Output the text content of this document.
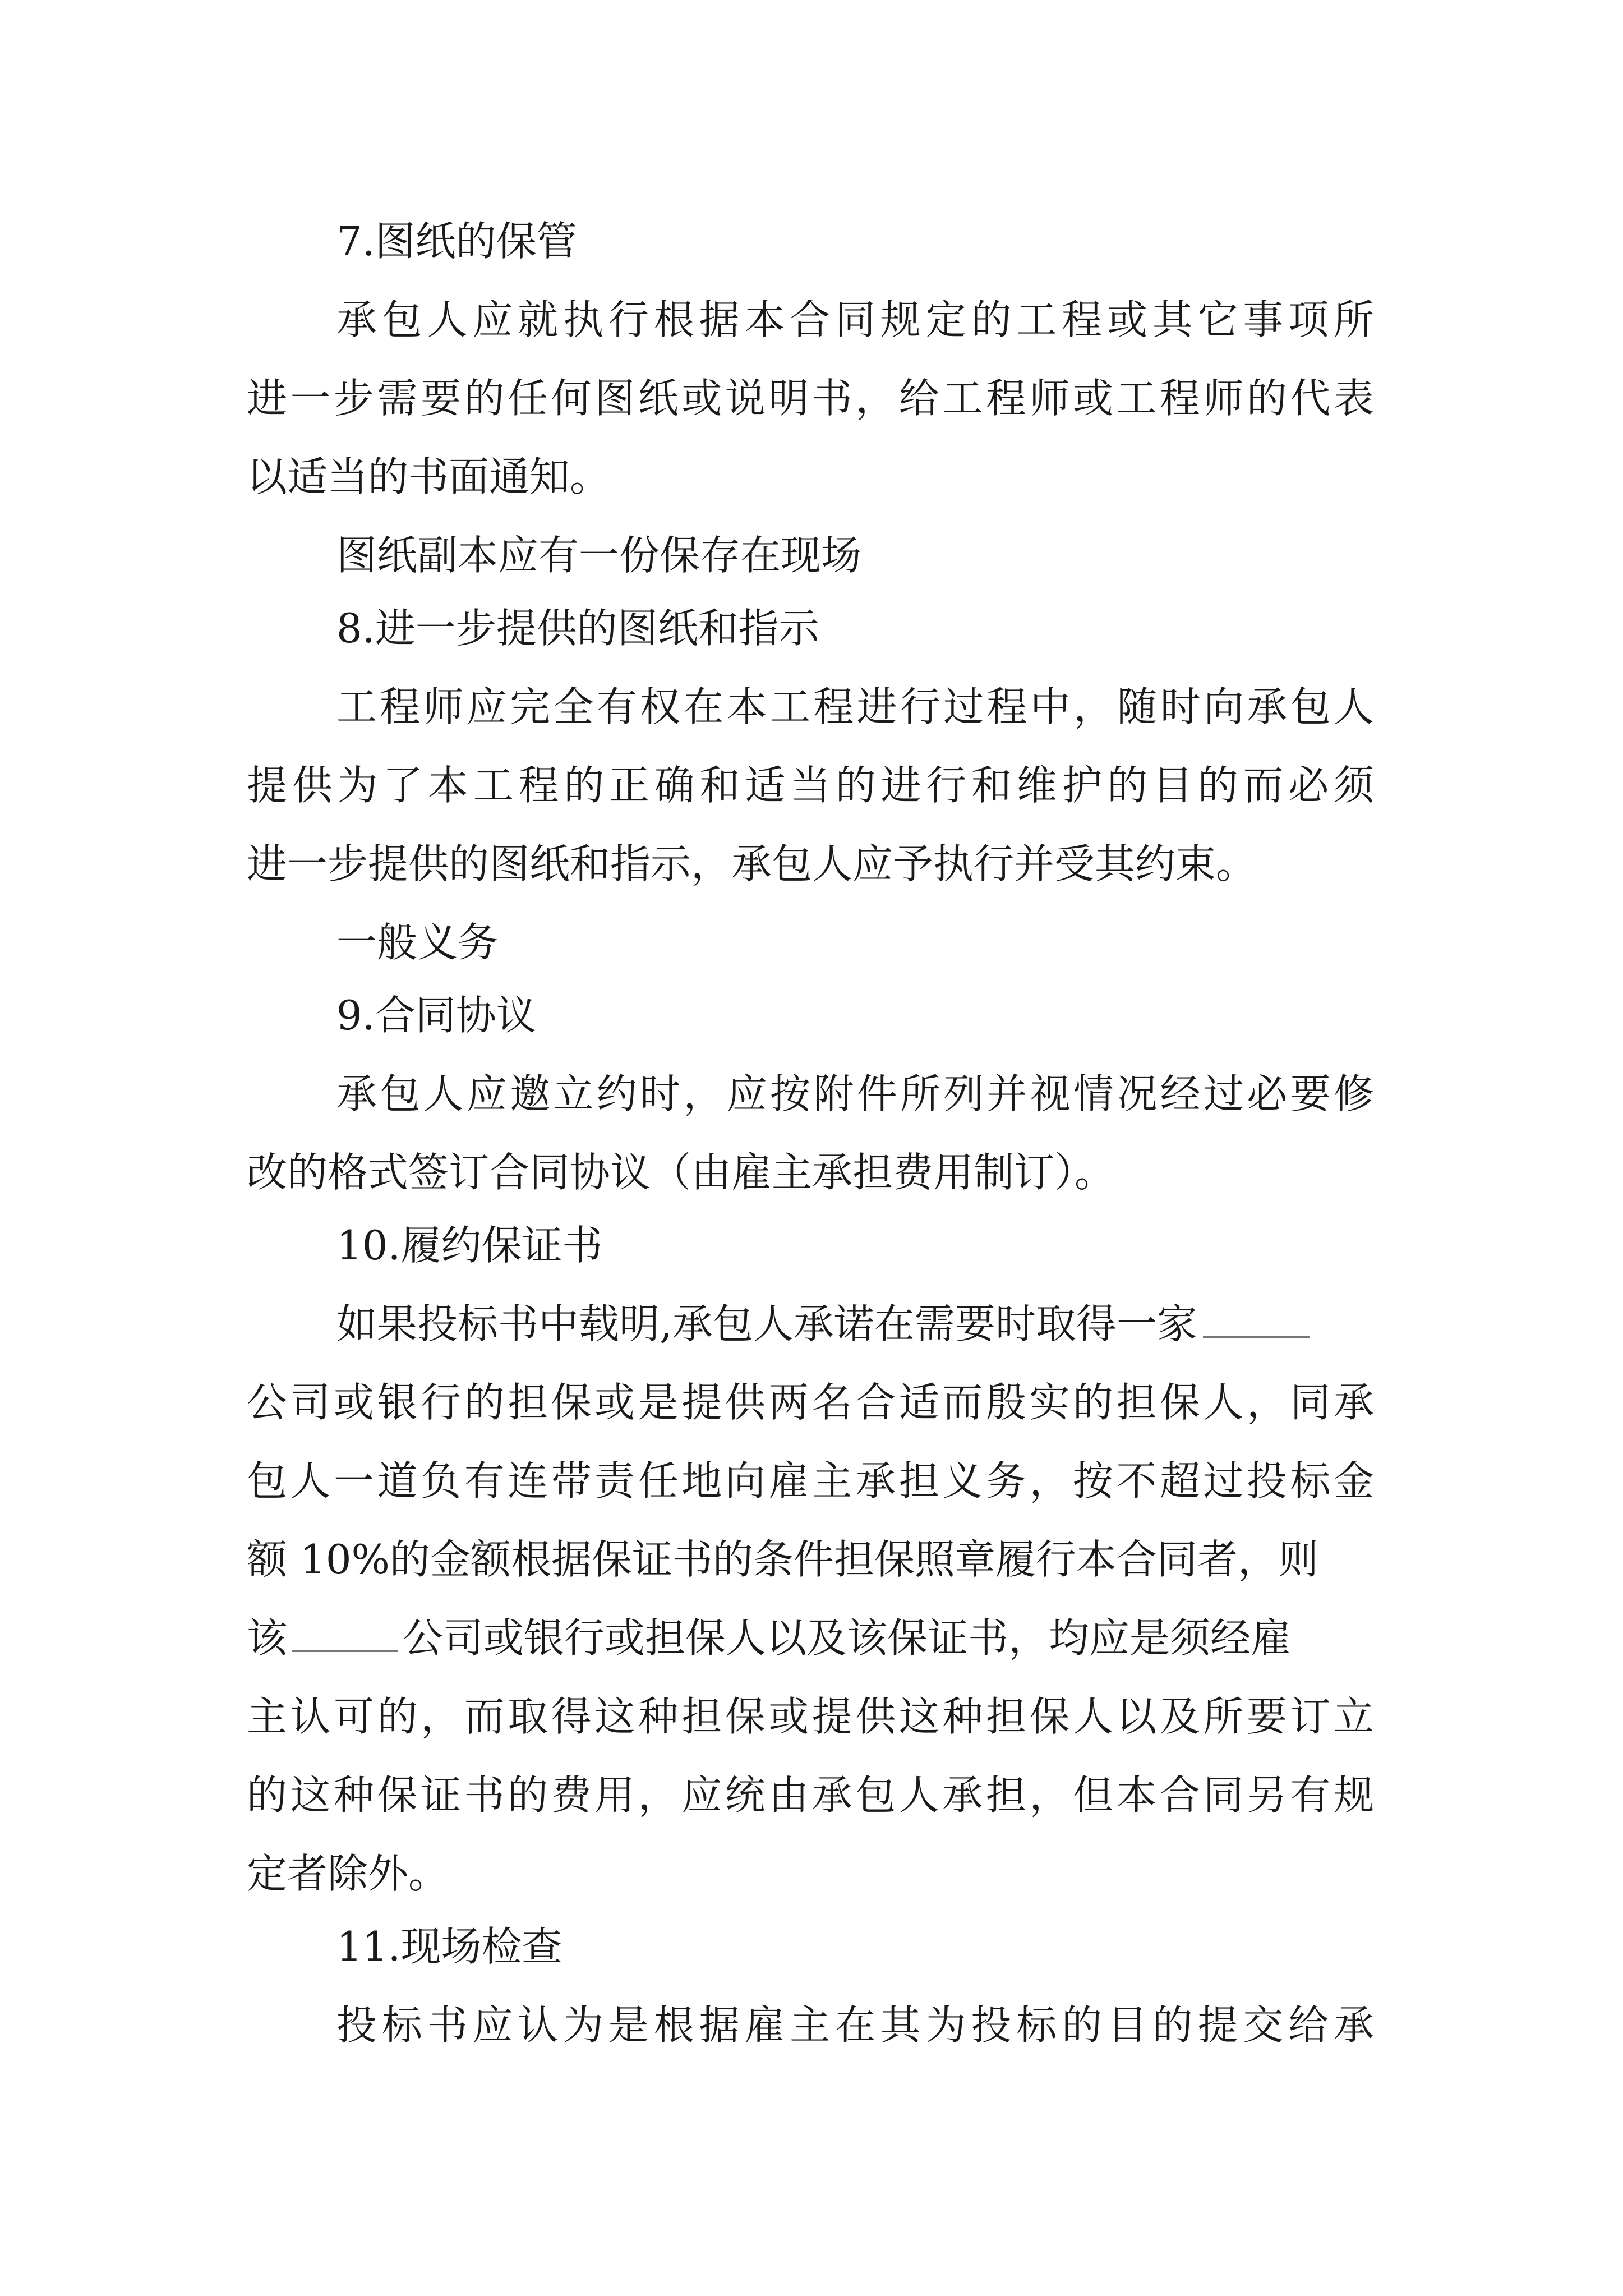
7.图纸的保管
承包人应就执行根据本合同规定的工程或其它事项所
进一步需要的任何图纸或说明书，给工程师或工程师的代表
以适当的书面通知。
图纸副本应有一份保存在现场
8.进一步提供的图纸和指示
工程师应完全有权在本工程进行过程中，随时向承包人
提供为了本工程的正确和适当的进行和维护的目的而必须
进一步提供的图纸和指示，承包人应予执行并受其约束。
一般义务
9.合同协议
承包人应邀立约时，应按附件所列并视情况经过必要修
改的格式签订合同协议（由雇主承担费用制订）。
10.履约保证书
如果投标书中载明,承包人承诺在需要时取得一家
公司或银行的担保或是提供两名合适而殷实的担保人，同承
包人一道负有连带责任地向雇主承担义务，按不超过投标金
额 10%的金额根据保证书的条件担保照章履行本合同者，则
该	公司或银行或担保人以及该保证书，均应是须经雇
主认可的，而取得这种担保或提供这种担保人以及所要订立
的这种保证书的费用，应统由承包人承担，但本合同另有规
定者除外。
11.现场检查
投标书应认为是根据雇主在其为投标的目的提交给承
